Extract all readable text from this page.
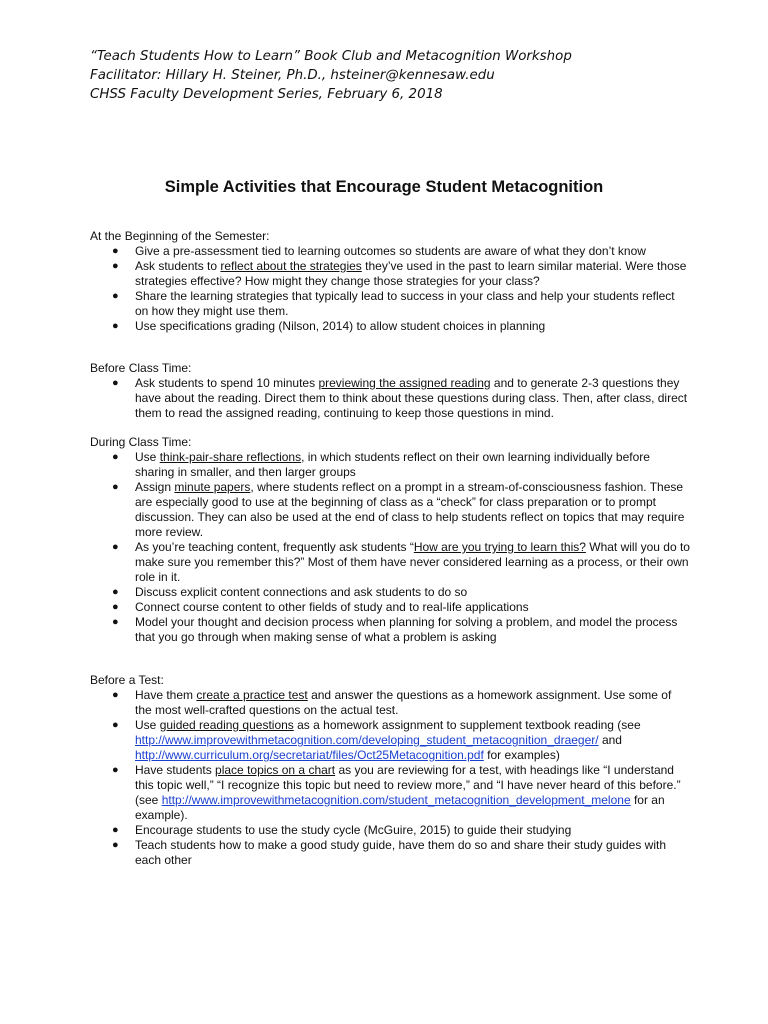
“Teach Students How to Learn” Book Club and Metacognition Workshop
Facilitator: Hillary H. Steiner, Ph.D., hsteiner@kennesaw.edu
CHSS Faculty Development Series, February 6, 2018
Simple Activities that Encourage Student Metacognition

At the Beginning of the Semester:

● Give a pre-assessment tied to learning outcomes so students are aware of what they don’t know
● Ask students to reflect about the strategies they’ve used in the past to learn similar material. Were those strategies effective? How might they change those strategies for your class?
● Share the learning strategies that typically lead to success in your class and help your students reflect on how they might use them.
● Use specifications grading (Nilson, 2014) to allow student choices in planning

Before Class Time:

● Ask students to spend 10 minutes previewing the assigned reading and to generate 2-3 questions they have about the reading. Direct them to think about these questions during class. Then, after class, direct them to read the assigned reading, continuing to keep those questions in mind.

During Class Time:

● Use think-pair-share reflections, in which students reflect on their own learning individually before sharing in smaller, and then larger groups
● Assign minute papers, where students reflect on a prompt in a stream-of-consciousness fashion. These are especially good to use at the beginning of class as a “check” for class preparation or to prompt discussion. They can also be used at the end of class to help students reflect on topics that may require more review.
● As you’re teaching content, frequently ask students “How are you trying to learn this? What will you do to make sure you remember this?” Most of them have never considered learning as a process, or their own role in it.
● Discuss explicit content connections and ask students to do so
● Connect course content to other fields of study and to real-life applications
● Model your thought and decision process when planning for solving a problem, and model the process that you go through when making sense of what a problem is asking

Before a Test:

● Have them create a practice test and answer the questions as a homework assignment. Use some of the most well-crafted questions on the actual test.
● Use guided reading questions as a homework assignment to supplement textbook reading (see http://www.improvewithmetacognition.com/developing_student_metacognition_draeger/ and http://www.curriculum.org/secretariat/files/Oct25Metacognition.pdf for examples)
● Have students place topics on a chart as you are reviewing for a test, with headings like “I understand this topic well,” “I recognize this topic but need to review more,” and “I have never heard of this before.” (see http://www.improvewithmetacognition.com/student_metacognition_development_melone for an example).
● Encourage students to use the study cycle (McGuire, 2015) to guide their studying
● Teach students how to make a good study guide, have them do so and share their study guides with each other
